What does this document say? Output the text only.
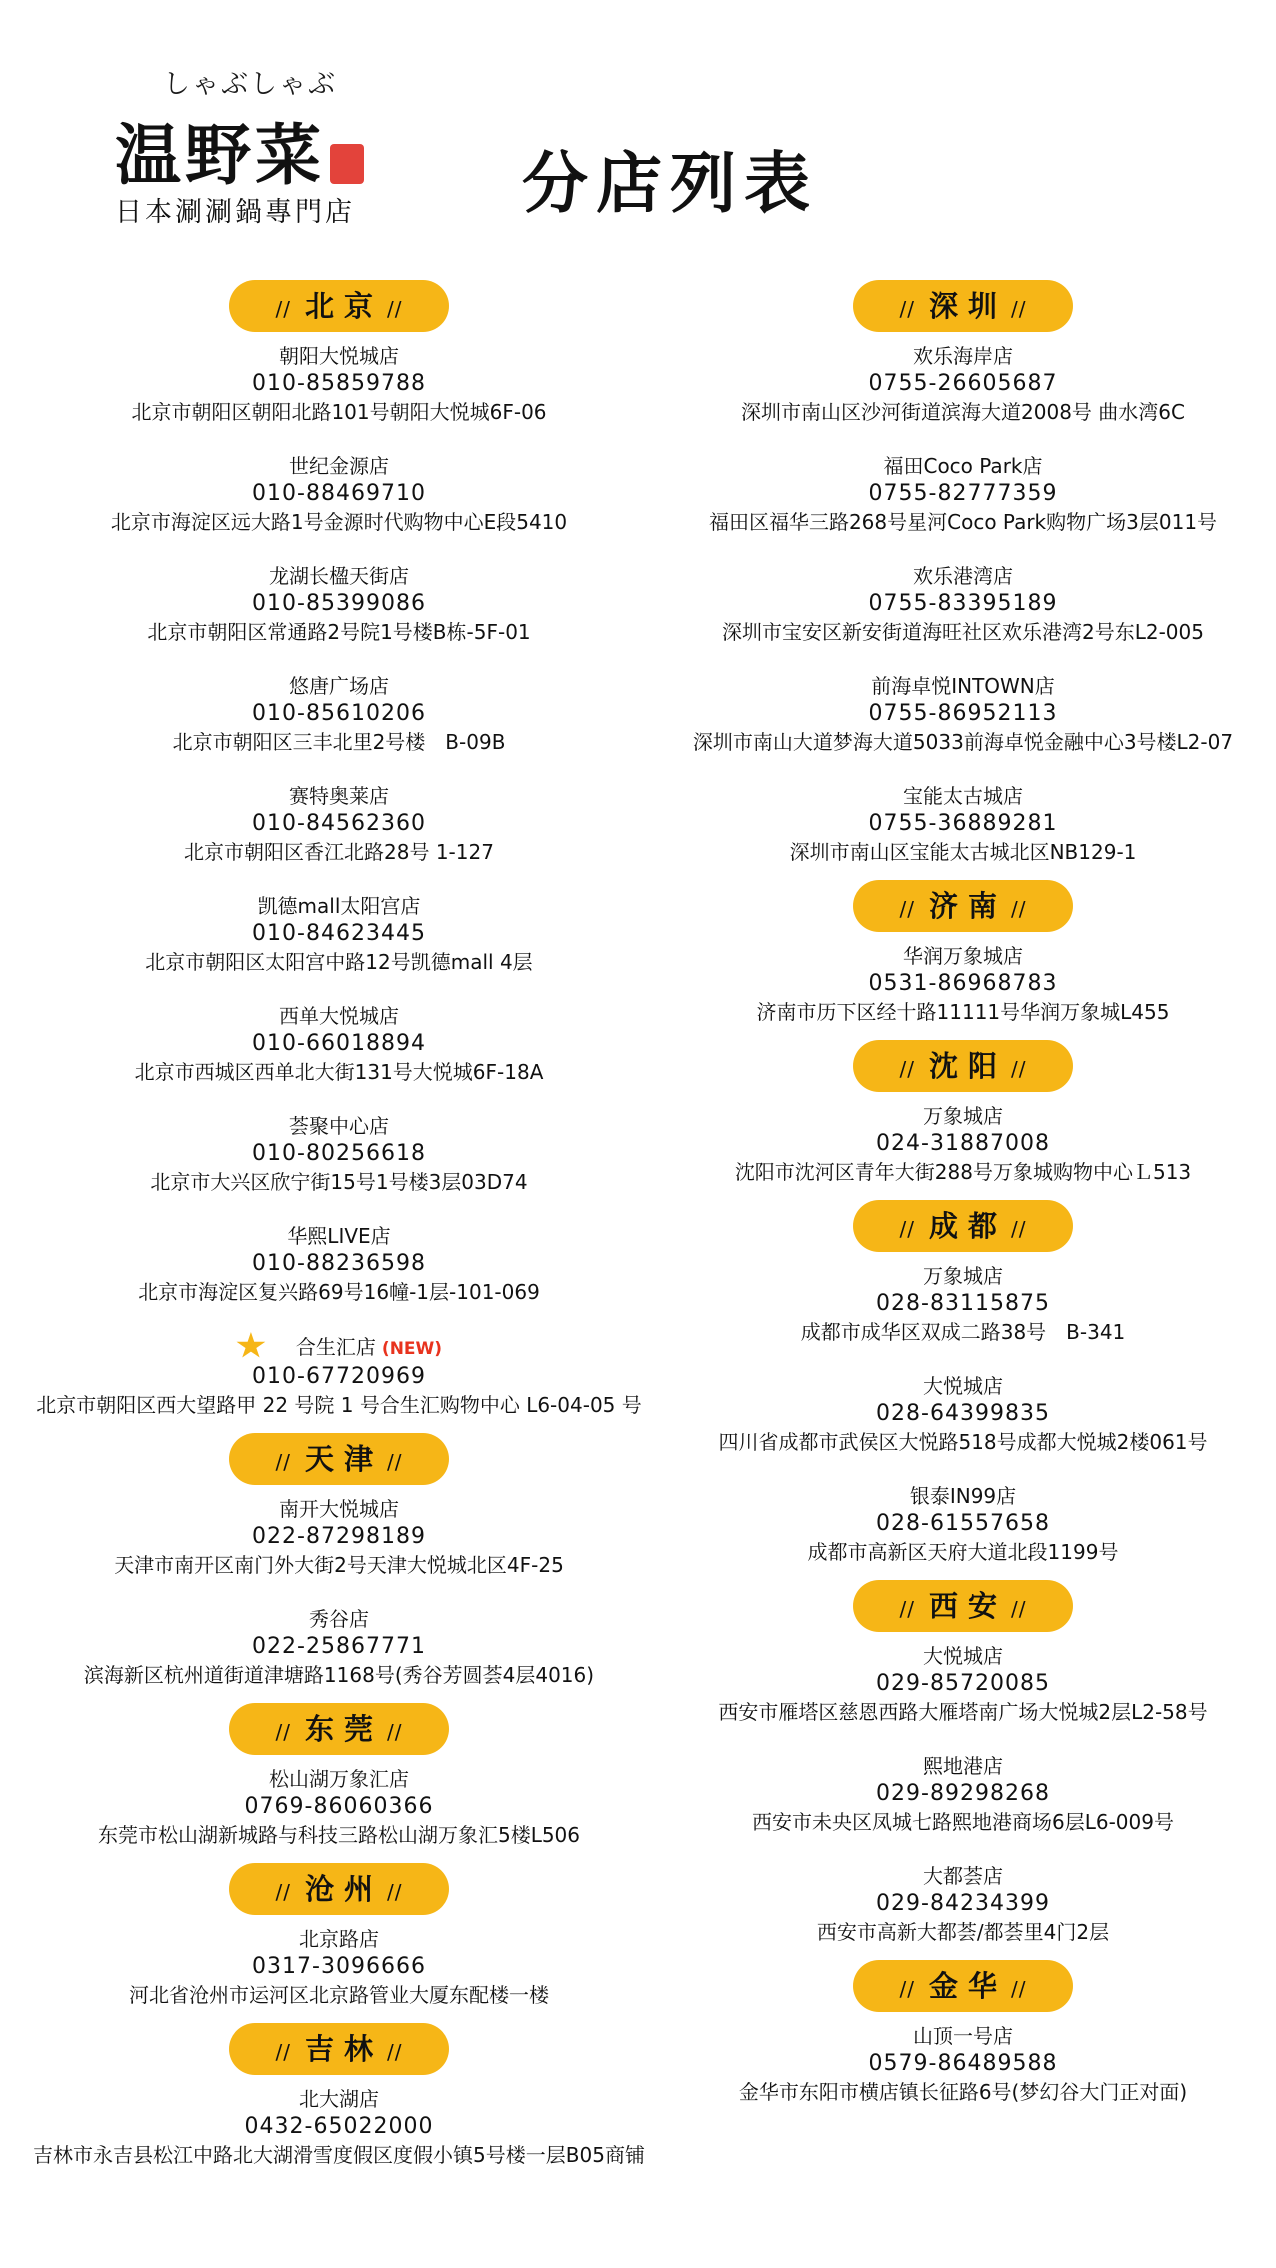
しゃぶしゃぶ
温野菜
日本涮涮鍋專門店	分店列表
// 北京 //
朝阳大悦城店
010-85859788
北京市朝阳区朝阳北路101号朝阳大悦城6F-06
世纪金源店
010-88469710
北京市海淀区远大路1号金源时代购物中心E段5410
龙湖长楹天街店
010-85399086
北京市朝阳区常通路2号院1号楼B栋-5F-01
悠唐广场店
010-85610206
北京市朝阳区三丰北里2号楼　B-09B
赛特奥莱店
010-84562360
北京市朝阳区香江北路28号 1-127
凯德mall太阳宫店
010-84623445
北京市朝阳区太阳宫中路12号凯德mall 4层
西单大悦城店
010-66018894
北京市西城区西单北大街131号大悦城6F-18A
荟聚中心店
010-80256618
北京市大兴区欣宁街15号1号楼3层03D74
华熙LIVE店
010-88236598
北京市海淀区复兴路69号16幢-1层-101-069
合生汇店 (NEW)
010-67720969
北京市朝阳区西大望路甲 22 号院 1 号合生汇购物中心 L6-04-05 号
// 天津 //
南开大悦城店
022-87298189
天津市南开区南门外大街2号天津大悦城北区4F-25
秀谷店
022-25867771
滨海新区杭州道街道津塘路1168号(秀谷芳圆荟4层4016)
// 东莞 //
松山湖万象汇店
0769-86060366
东莞市松山湖新城路与科技三路松山湖万象汇5楼L506
// 沧州 //
北京路店
0317-3096666
河北省沧州市运河区北京路管业大厦东配楼一楼
// 吉林 //
北大湖店
0432-65022000
吉林市永吉县松江中路北大湖滑雪度假区度假小镇5号楼一层B05商铺
// 深圳 //
欢乐海岸店
0755-26605687
深圳市南山区沙河街道滨海大道2008号 曲水湾6C
福田Coco Park店
0755-82777359
福田区福华三路268号星河Coco Park购物广场3层011号
欢乐港湾店
0755-83395189
深圳市宝安区新安街道海旺社区欢乐港湾2号东L2-005
前海卓悦INTOWN店
0755-86952113
深圳市南山大道梦海大道5033前海卓悦金融中心3号楼L2-07
宝能太古城店
0755-36889281
深圳市南山区宝能太古城北区NB129-1
// 济南 //
华润万象城店
0531-86968783
济南市历下区经十路11111号华润万象城L455
// 沈阳 //
万象城店
024-31887008
沈阳市沈河区青年大街288号万象城购物中心Ｌ513
// 成都 //
万象城店
028-83115875
成都市成华区双成二路38号　B-341
大悦城店
028-64399835
四川省成都市武侯区大悦路518号成都大悦城2楼061号
银泰IN99店
028-61557658
成都市高新区天府大道北段1199号
// 西安 //
大悦城店
029-85720085
西安市雁塔区慈恩西路大雁塔南广场大悦城2层L2-58号
熙地港店
029-89298268
西安市未央区凤城七路熙地港商场6层L6-009号
大都荟店
029-84234399
西安市高新大都荟/都荟里4门2层
// 金华 //
山顶一号店
0579-86489588
金华市东阳市横店镇长征路6号(梦幻谷大门正对面)
